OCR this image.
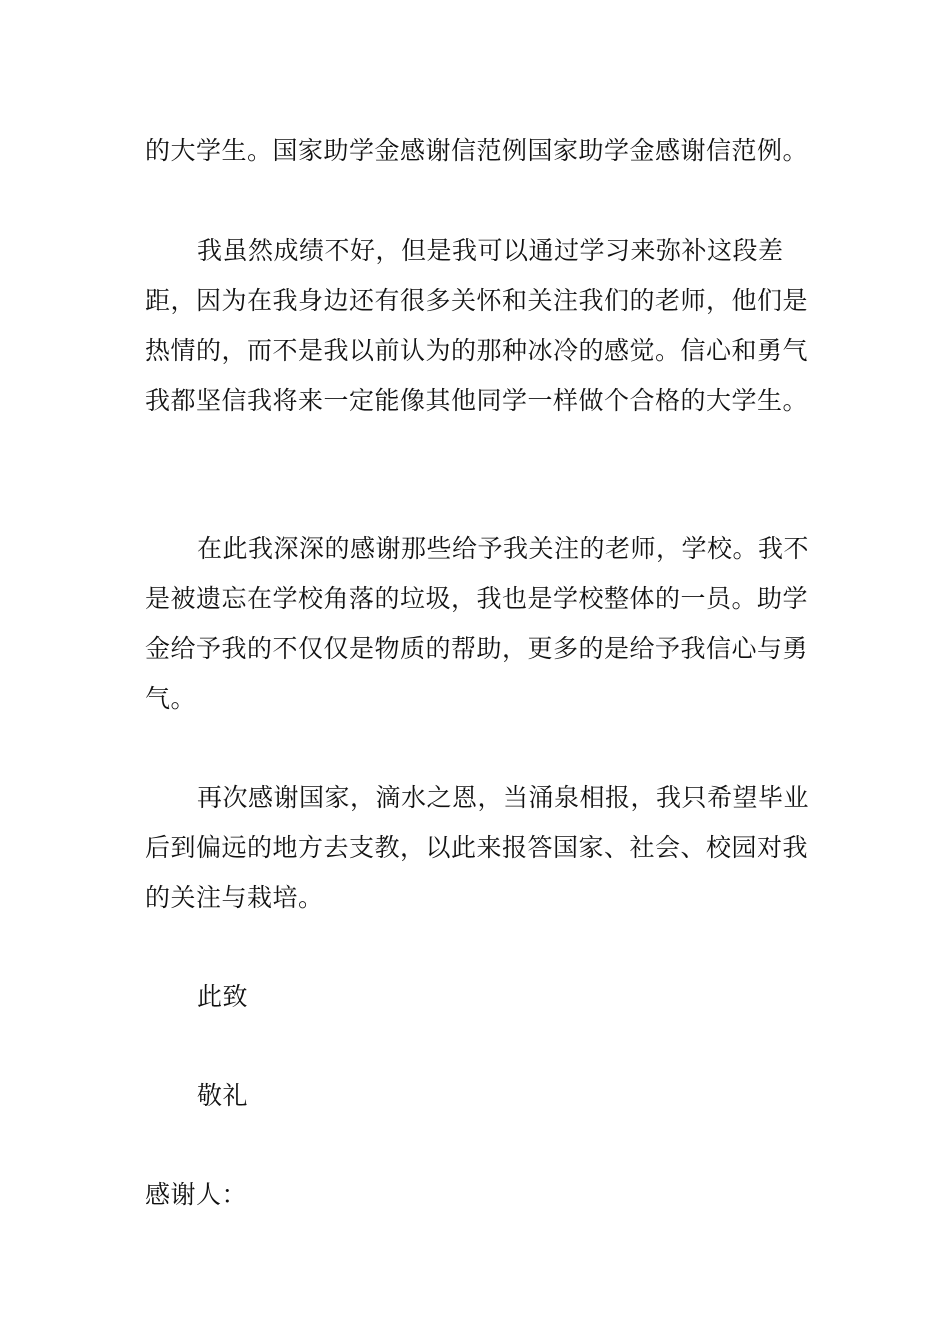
的大学生。国家助学金感谢信范例国家助学金感谢信范例。

我虽然成绩不好，但是我可以通过学习来弥补这段差距，因为在我身边还有很多关怀和关注我们的老师，他们是热情的，而不是我以前认为的那种冰冷的感觉。信心和勇气我都坚信我将来一定能像其他同学一样做个合格的大学生。

在此我深深的感谢那些给予我关注的老师，学校。我不是被遗忘在学校角落的垃圾，我也是学校整体的一员。助学金给予我的不仅仅是物质的帮助，更多的是给予我信心与勇气。

再次感谢国家，滴水之恩，当涌泉相报，我只希望毕业后到偏远的地方去支教，以此来报答国家、社会、校园对我的关注与栽培。

此致

敬礼

感谢人：
